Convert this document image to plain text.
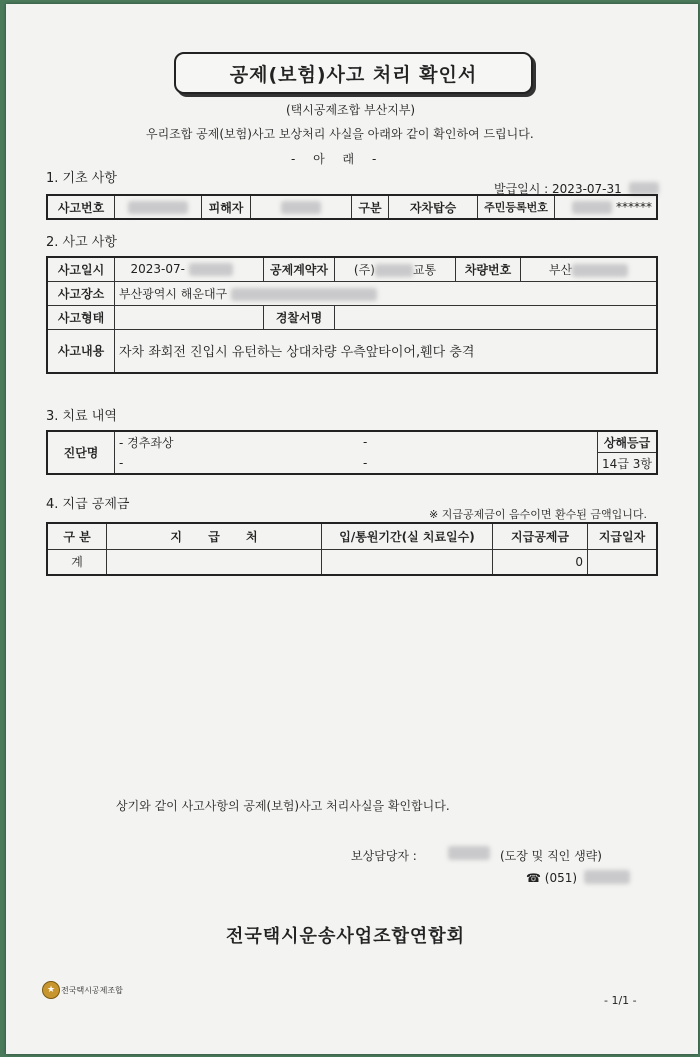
공제(보험)사고 처리 확인서
(택시공제조합 부산지부)
우리조합 공제(보험)사고 보상처리 사실을 아래와 같이 확인하여 드립니다.
- 아 래 -
1. 기초 사항
발급일시 : 2023-07-31
사고번호		피해자		구분	자차탑승	주민등록번호	******
2. 사고 사항
사고일시	2023-07-	공제계약자	(주) 교통	차량번호	부산
사고장소	부산광역시 해운대구				
사고형태		경찰서명			
사고내용	자차 좌회전 진입시 유턴하는 상대차량 우측앞타이어,휀다 충격				
3. 치료 내역
진단명	- 경추좌상	-	상해등급
	-	-	14급 3항
4. 지급 공제금
※ 지급공제금이 음수이면 환수된 금액입니다.
구 분	지 급 처	입/통원기간(실 치료일수)	지급공제금	지급일자
계			0	
상기와 같이 사고사항의 공제(보험)사고 처리사실을 확인합니다.
보상담당자 :	(도장 및 직인 생략)
☎ (051)
전국택시운송사업조합연합회
★ 전국택시공제조합
- 1/1 -
